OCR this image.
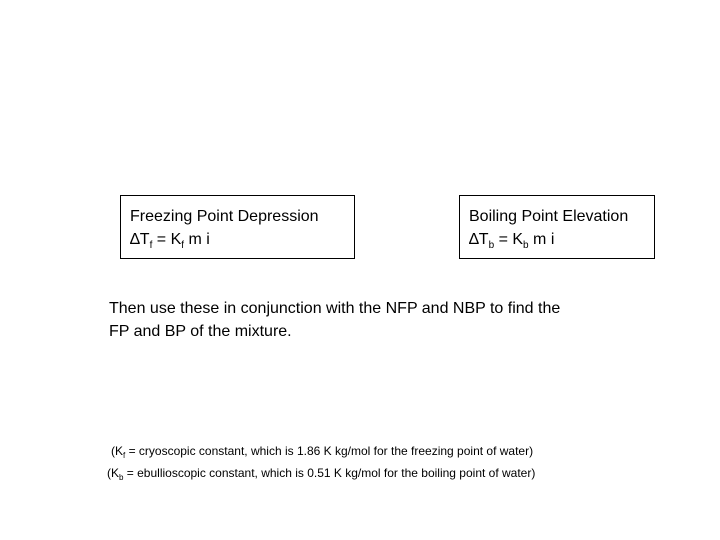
Freezing Point Depression
$\Delta T_f = K_f$ m i
Boiling Point Elevation
$\Delta T_b = K_b$ m i

Then use these in conjunction with the NFP and NBP to find the FP and BP of the mixture.

($K_f$ = cryoscopic constant, which is 1.86 K kg/mol for the freezing point of water)

($K_b$ = ebullioscopic constant, which is 0.51 K kg/mol for the boiling point of water)
